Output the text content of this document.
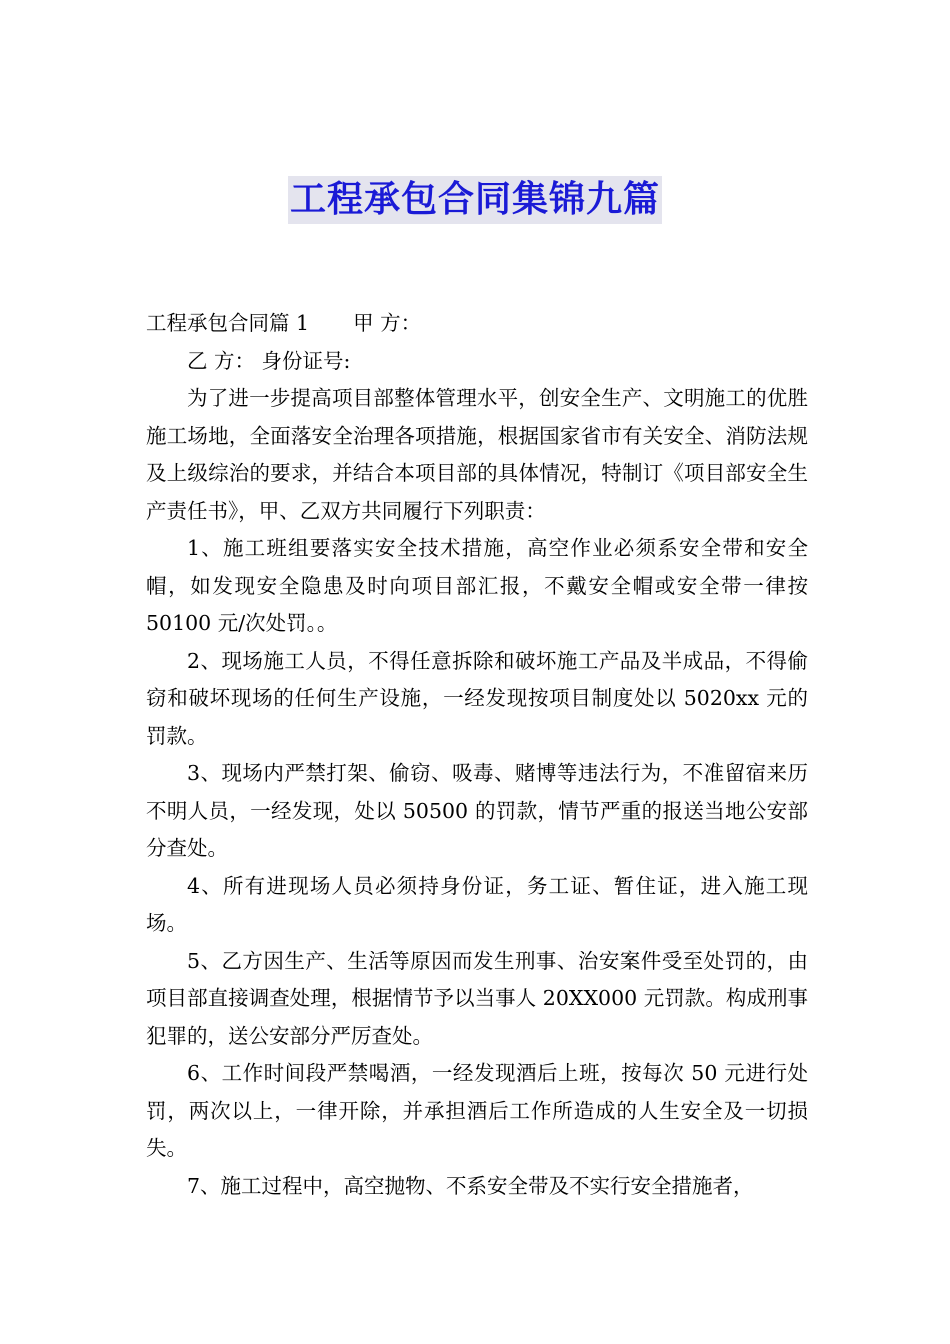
工程承包合同集锦九篇

工程承包合同篇 1 甲 方：

乙 方： 身份证号:

为了进一步提高项目部整体管理水平，创安全生产、文明施工的优胜施工场地，全面落安全治理各项措施，根据国家省市有关安全、消防法规及上级综治的要求，并结合本项目部的具体情况，特制订《项目部安全生产责任书》，甲、乙双方共同履行下列职责：

1、施工班组要落实安全技术措施，高空作业必须系安全带和安全帽，如发现安全隐患及时向项目部汇报，不戴安全帽或安全带一律按 50100 元/次处罚。。

2、现场施工人员，不得任意拆除和破坏施工产品及半成品，不得偷窃和破坏现场的任何生产设施，一经发现按项目制度处以 5020xx 元的罚款。

3、现场内严禁打架、偷窃、吸毒、赌博等违法行为，不准留宿来历不明人员，一经发现，处以 50500 的罚款，情节严重的报送当地公安部分查处。

4、所有进现场人员必须持身份证，务工证、暂住证，进入施工现场。

5、乙方因生产、生活等原因而发生刑事、治安案件受至处罚的，由项目部直接调查处理，根据情节予以当事人 20XX000 元罚款。构成刑事犯罪的，送公安部分严厉查处。

6、工作时间段严禁喝酒，一经发现酒后上班，按每次 50 元进行处罚，两次以上，一律开除，并承担酒后工作所造成的人生安全及一切损失。

7、施工过程中，高空抛物、不系安全带及不实行安全措施者，
